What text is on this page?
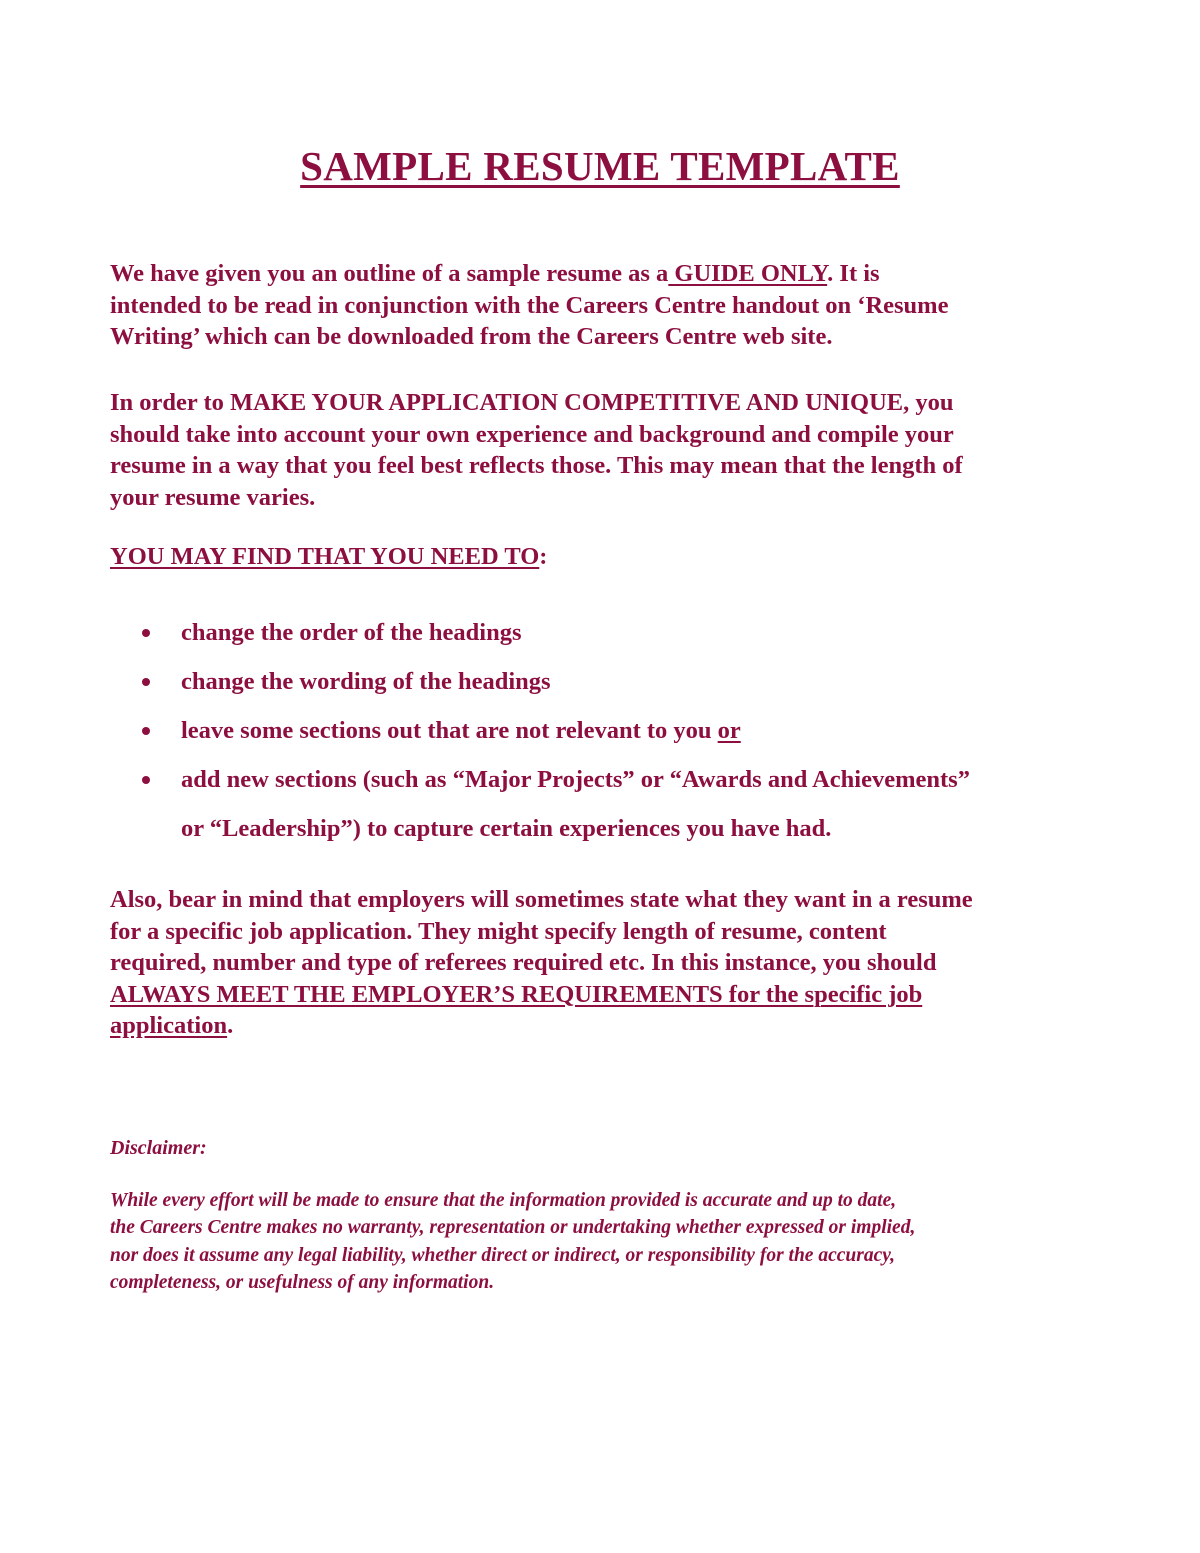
SAMPLE RESUME TEMPLATE

We have given you an outline of a sample resume as a GUIDE ONLY. It is
intended to be read in conjunction with the Careers Centre handout on ‘Resume
Writing’ which can be downloaded from the Careers Centre web site.

In order to MAKE YOUR APPLICATION COMPETITIVE AND UNIQUE, you
should take into account your own experience and background and compile your
resume in a way that you feel best reflects those. This may mean that the length of
your resume varies.

YOU MAY FIND THAT YOU NEED TO:
change the order of the headings
change the wording of the headings
leave some sections out that are not relevant to you or
add new sections (such as “Major Projects” or “Awards and Achievements”
or “Leadership”) to capture certain experiences you have had.

Also, bear in mind that employers will sometimes state what they want in a resume
for a specific job application. They might specify length of resume, content
required, number and type of referees required etc. In this instance, you should
ALWAYS MEET THE EMPLOYER’S REQUIREMENTS for the specific job
application.

Disclaimer:

While every effort will be made to ensure that the information provided is accurate and up to date,
the Careers Centre makes no warranty, representation or undertaking whether expressed or implied,
nor does it assume any legal liability, whether direct or indirect, or responsibility for the accuracy,
completeness, or usefulness of any information.
